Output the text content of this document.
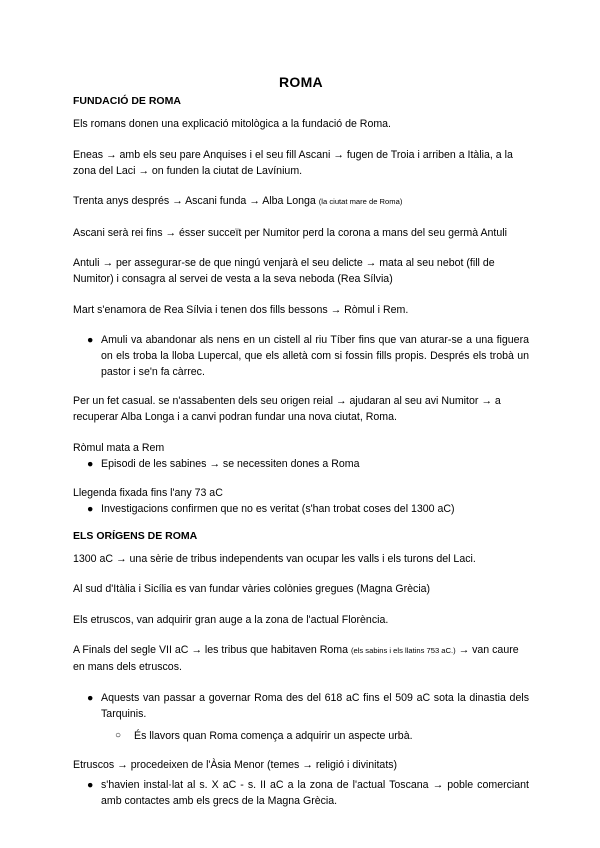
ROMA
FUNDACIÓ DE ROMA

Els romans donen una explicació mitològica a la fundació de Roma.

Eneas → amb els seu pare Anquises i el seu fill Ascani → fugen de Troia i arriben a Itàlia, a la zona del Laci → on funden la ciutat de Lavínium.

Trenta anys després → Ascani funda → Alba Longa (la ciutat mare de Roma)

Ascani serà rei fins → ésser succeït per Numitor perd la corona a mans del seu germà Antuli

Antuli → per assegurar-se de que ningú venjarà el seu delicte → mata al seu nebot (fill de Numitor) i consagra al servei de vesta a la seva neboda (Rea Sílvia)

Mart s'enamora de Rea Sílvia i tenen dos fills bessons → Ròmul i Rem.

● Amuli va abandonar als nens en un cistell al riu Tíber fins que van aturar-se a una figuera on els troba la lloba Lupercal, que els alletà com si fossin fills propis. Després els trobà un pastor i se'n fa càrrec.

Per un fet casual. se n'assabenten dels seu origen reial → ajudaran al seu avi Numitor → a recuperar Alba Longa i a canvi podran fundar una nova ciutat, Roma.

Ròmul mata a Rem

● Episodi de les sabines → se necessiten dones a Roma

Llegenda fixada fins l'any 73 aC

● Investigacions confirmen que no es veritat (s'han trobat coses del 1300 aC)
ELS ORÍGENS DE ROMA

1300 aC → una sèrie de tribus independents van ocupar les valls i els turons del Laci.

Al sud d'Itàlia i Sicília es van fundar vàries colònies gregues (Magna Grècia)

Els etruscos, van adquirir gran auge a la zona de l'actual Florència.

A Finals del segle VII aC → les tribus que habitaven Roma (els sabins i els llatins 753 aC.) → van caure en mans dels etruscos.

● Aquests van passar a governar Roma des del 618 aC fins el 509 aC sota la dinastia dels Tarquinis.
○ És llavors quan Roma comença a adquirir un aspecte urbà.

Etruscos → procedeixen de l'Àsia Menor (temes → religió i divinitats)

● s'havien instal·lat al s. X aC - s. II aC a la zona de l'actual Toscana → poble comerciant amb contactes amb els grecs de la Magna Grècia.
